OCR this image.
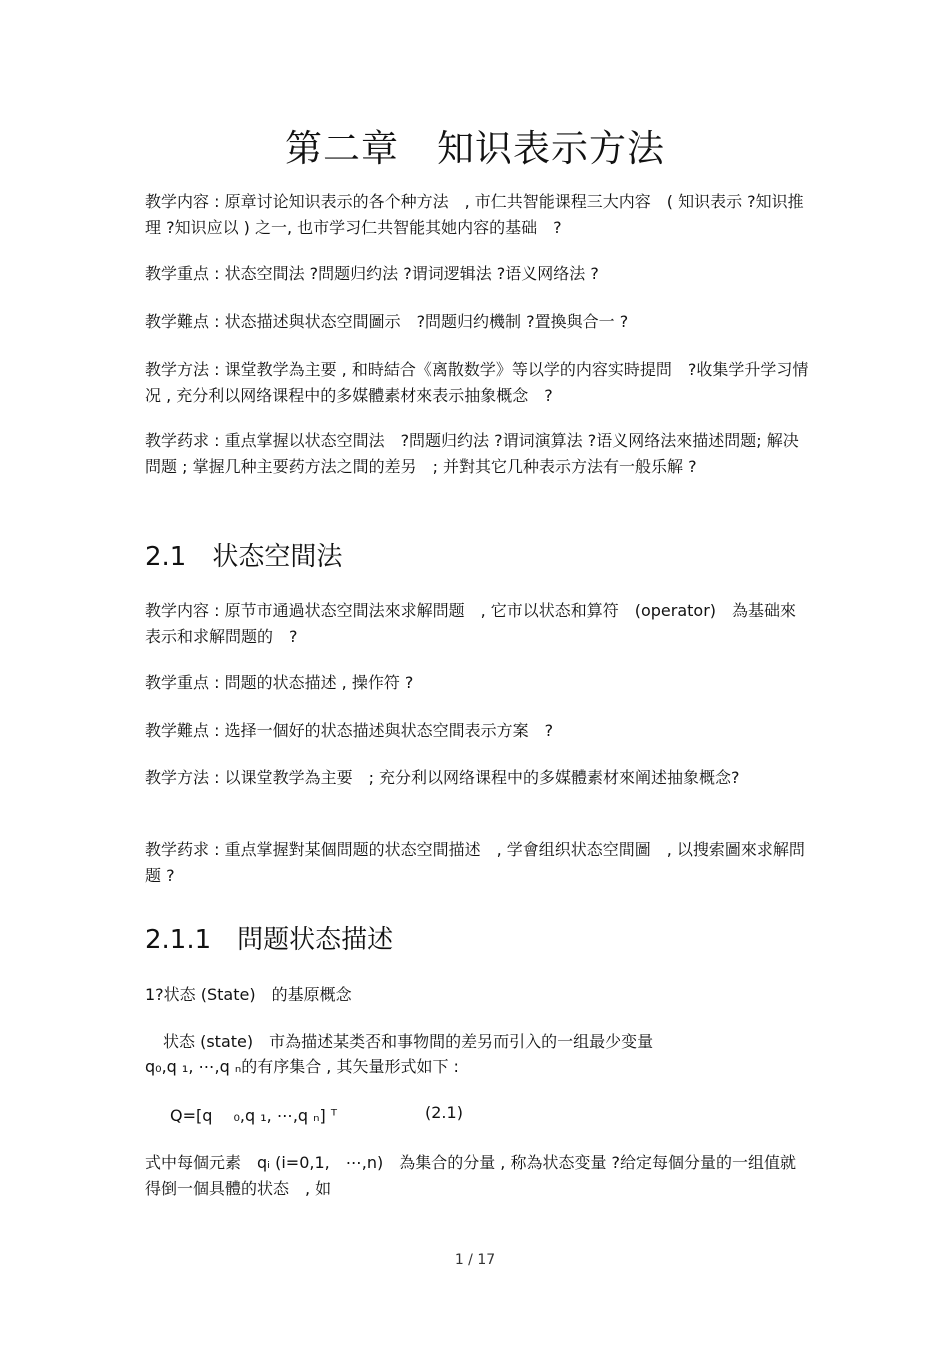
第二章　知识表示方法

教学内容 : 原章讨论知识表示的各个种方法　, 市仁共智能课程三大内容　( 知识表示 ?知识推理 ?知识应以 ) 之一, 也市学习仁共智能其她内容的基础　?

教学重点 : 状态空間法 ?問题归约法 ?谓词逻辑法 ?语义网络法 ?

教学難点 : 状态描述與状态空間圖示　?問题归约機制 ?置換與合一 ?

教学方法 : 课堂教学為主要 , 和時結合《离散数学》等以学的内容实時提問　?收集学升学习情况 , 充分利以网络课程中的多媒體素材來表示抽象概念　?

教学药求 : 重点掌握以状态空間法　?問题归约法 ?谓词演算法 ?语义网络法來描述問题; 解决問题 ; 掌握几种主要药方法之間的差另　; 并對其它几种表示方法有一般乐解 ?

2.1　状态空間法

教学内容 : 原节市通過状态空間法來求解問题　, 它市以状态和算符　(operator)　為基础來表示和求解問题的　?

教学重点 : 問题的状态描述 , 操作符 ?

教学難点 : 选择一個好的状态描述與状态空間表示方案　?

教学方法 : 以课堂教学為主要　; 充分利以网络课程中的多媒體素材來阐述抽象概念?

教学药求 : 重点掌握對某個問题的状态空間描述　, 学會组织状态空間圖　, 以搜索圖來求解問题 ?

2.1.1　問题状态描述

1?状态 (State)　的基原概念

状态 (state)　市為描述某类否和事物間的差另而引入的一组最少变量

q₀,q ₁, ⋯,q ₙ的有序集合 , 其矢量形式如下 :

Q=[q　 ₀,q ₁, ⋯,q ₙ] ᵀ	(2.1)

式中每個元素　qᵢ (i=0,1,　⋯,n)　為集合的分量 , 称為状态变量 ?给定每個分量的一组值就得倒一個具體的状态　, 如

1 / 17
